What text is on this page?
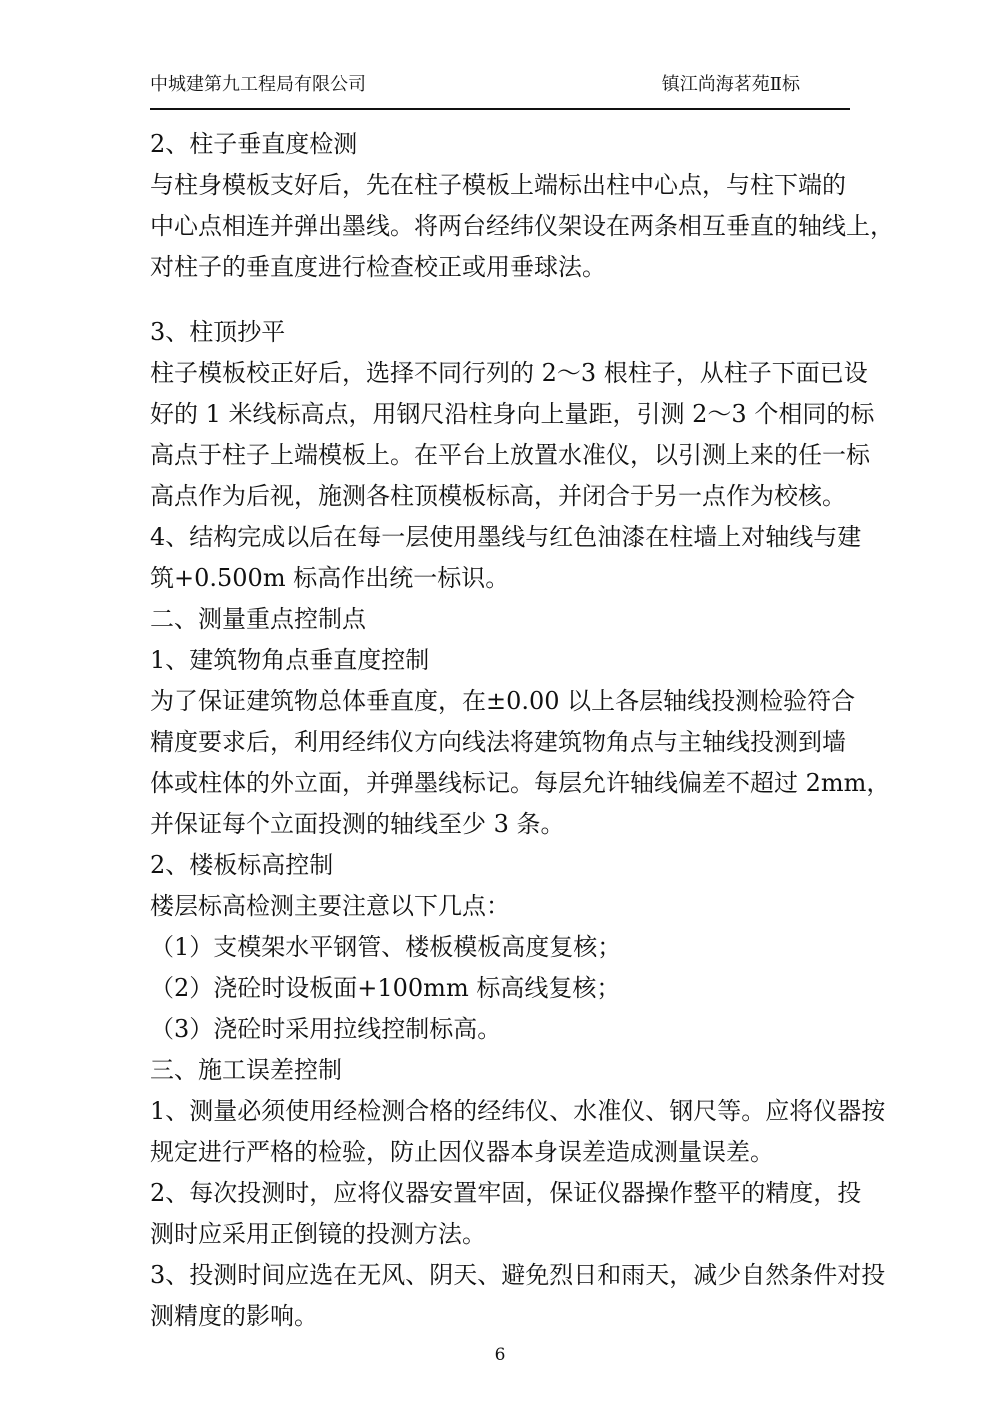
中城建第九工程局有限公司	镇江尚海茗苑Ⅱ标
2、柱子垂直度检测
与柱身模板支好后，先在柱子模板上端标出柱中心点，与柱下端的
中心点相连并弹出墨线。将两台经纬仪架设在两条相互垂直的轴线上，
对柱子的垂直度进行检查校正或用垂球法。
3、柱顶抄平
柱子模板校正好后，选择不同行列的 2～3 根柱子，从柱子下面已设
好的 1 米线标高点，用钢尺沿柱身向上量距，引测 2～3 个相同的标
高点于柱子上端模板上。在平台上放置水准仪，以引测上来的任一标
高点作为后视，施测各柱顶模板标高，并闭合于另一点作为校核。
4、结构完成以后在每一层使用墨线与红色油漆在柱墙上对轴线与建
筑+0.500m 标高作出统一标识。
二、测量重点控制点
1、建筑物角点垂直度控制
为了保证建筑物总体垂直度，在±0.00 以上各层轴线投测检验符合
精度要求后，利用经纬仪方向线法将建筑物角点与主轴线投测到墙
体或柱体的外立面，并弹墨线标记。每层允许轴线偏差不超过 2mm，
并保证每个立面投测的轴线至少 3 条。
2、楼板标高控制
楼层标高检测主要注意以下几点：
（1）支模架水平钢管、楼板模板高度复核；
（2）浇砼时设板面+100mm 标高线复核；
（3）浇砼时采用拉线控制标高。
三、施工误差控制
1、测量必须使用经检测合格的经纬仪、水准仪、钢尺等。应将仪器按
规定进行严格的检验，防止因仪器本身误差造成测量误差。
2、每次投测时，应将仪器安置牢固，保证仪器操作整平的精度，投
测时应采用正倒镜的投测方法。
3、投测时间应选在无风、阴天、避免烈日和雨天，减少自然条件对投
测精度的影响。
6
